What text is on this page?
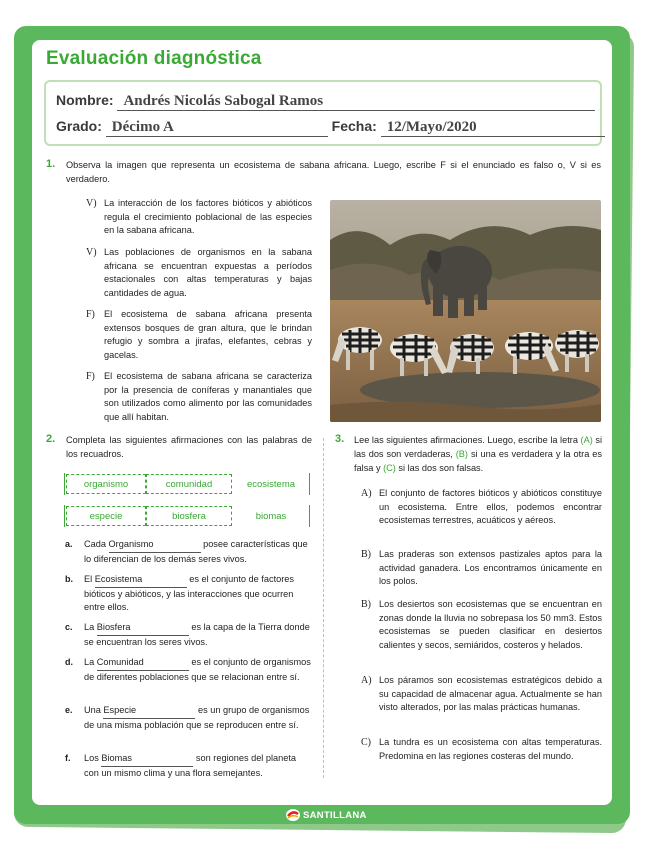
Evaluación diagnóstica
Nombre: Andrés Nicolás Sabogal Ramos
Grado: Décimo A	Fecha: 12/Mayo/2020
1. Observa la imagen que representa un ecosistema de sabana africana. Luego, escribe F si el enunciado es falso o, V si es verdadero.
V) La interacción de los factores bióticos y abióticos regula el crecimiento poblacional de las especies en la sabana africana.
V) Las poblaciones de organismos en la sabana africana se encuentran expuestas a períodos estacionales con altas temperaturas y bajas cantidades de agua.
F) El ecosistema de sabana africana presenta extensos bosques de gran altura, que le brindan refugio y sombra a jirafas, elefantes, cebras y gacelas.
F) El ecosistema de sabana africana se caracteriza por la presencia de coníferas y manantiales que son utilizados como alimento por las comunidades que allí habitan.
2. Completa las siguientes afirmaciones con las palabras de los recuadros.
organismo	comunidad	ecosistema
especie	biosfera	biomas
a. Cada Organismo	posee características que lo diferencian de los demás seres vivos.
b. El Ecosistema	es el conjunto de factores bióticos y abióticos, y las interacciones que ocurren entre ellos.
c. La Biosfera	es la capa de la Tierra donde se encuentran los seres vivos.
d. La Comunidad	es el conjunto de organismos de diferentes poblaciones que se relacionan entre sí.
e. Una Especie	es un grupo de organismos de una misma población que se reproducen entre sí.
f. Los Biomas	son regiones del planeta con un mismo clima y una flora semejantes.
3. Lee las siguientes afirmaciones. Luego, escribe la letra (A) si las dos son verdaderas, (B) si una es verdadera y la otra es falsa y (C) si las dos son falsas.
A) El conjunto de factores bióticos y abióticos constituye un ecosistema. Entre ellos, podemos encontrar ecosistemas terrestres, acuáticos y aéreos.
B) Las praderas son extensos pastizales aptos para la actividad ganadera. Los encontramos únicamente en los polos.
B) Los desiertos son ecosistemas que se encuentran en zonas donde la lluvia no sobrepasa los 50 mm3. Estos ecosistemas se pueden clasificar en desiertos calientes y secos, semiáridos, costeros y helados.
A) Los páramos son ecosistemas estratégicos debido a su capacidad de almacenar agua. Actualmente se han visto alterados, por las malas prácticas humanas.
C) La tundra es un ecosistema con altas temperaturas. Predomina en las regiones costeras del mundo.
SANTILLANA
